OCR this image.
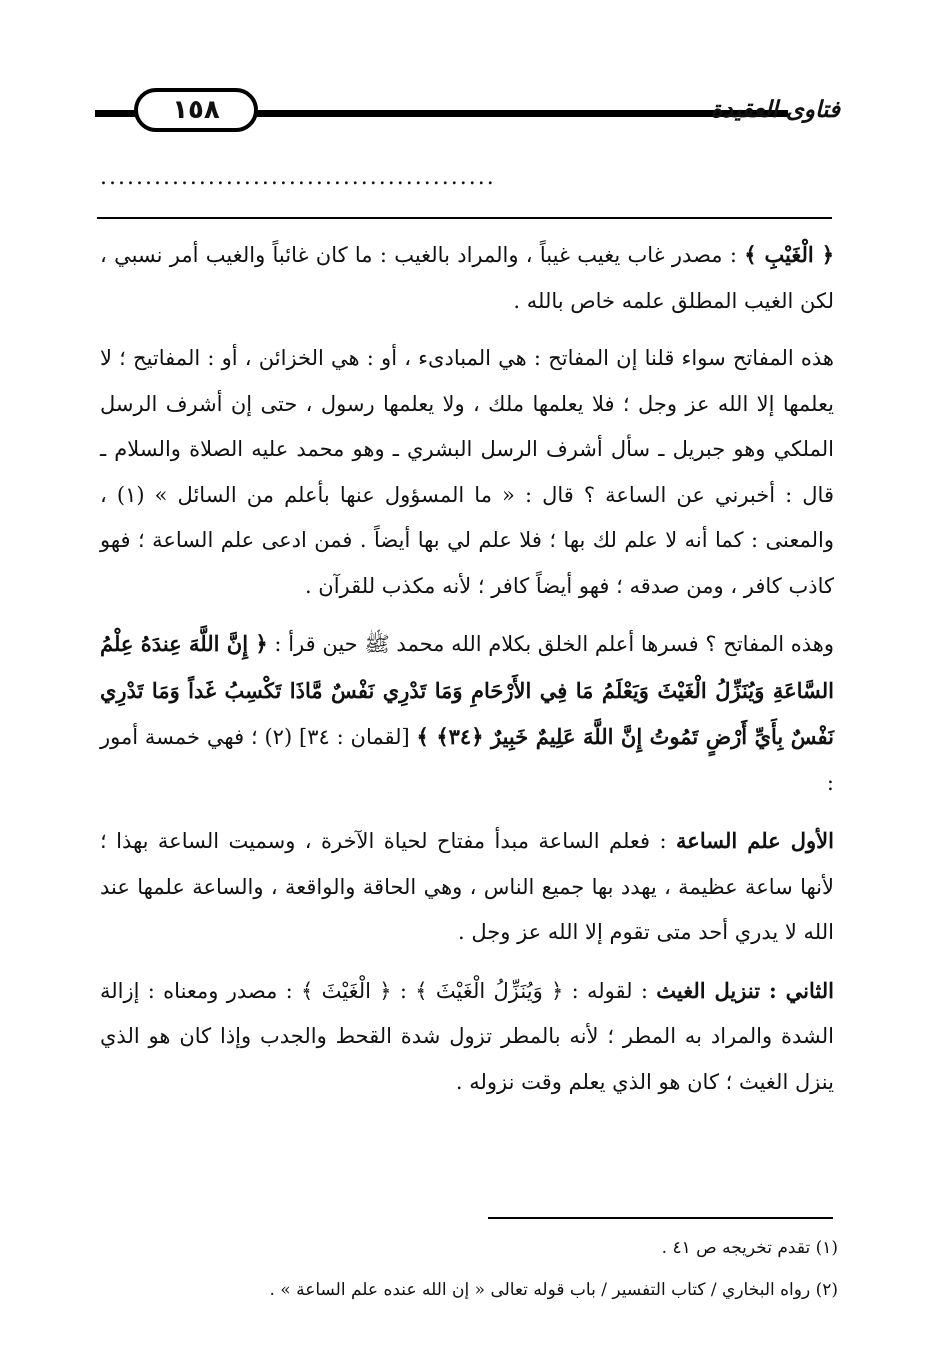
١٥٨	فتاوى العقيدة
............................................

﴿ الْغَيْبِ ﴾ : مصدر غاب يغيب غيباً ، والمراد بالغيب : ما كان غائباً والغيب أمر نسبي ، لكن الغيب المطلق علمه خاص بالله .

هذه المفاتح سواء قلنا إن المفاتح : هي المبادىء ، أو : هي الخزائن ، أو : المفاتيح ؛ لا يعلمها إلا الله عز وجل ؛ فلا يعلمها ملك ، ولا يعلمها رسول ، حتى إن أشرف الرسل الملكي وهو جبريل ـ سأل أشرف الرسل البشري ـ وهو محمد عليه الصلاة والسلام ـ قال : أخبرني عن الساعة ؟ قال : « ما المسؤول عنها بأعلم من السائل » (١) ، والمعنى : كما أنه لا علم لك بها ؛ فلا علم لي بها أيضاً . فمن ادعى علم الساعة ؛ فهو كاذب كافر ، ومن صدقه ؛ فهو أيضاً كافر ؛ لأنه مكذب للقرآن .

وهذه المفاتح ؟ فسرها أعلم الخلق بكلام الله محمد ﷺ حين قرأ : ﴿ إِنَّ اللَّهَ عِندَهُ عِلْمُ السَّاعَةِ وَيُنَزِّلُ الْغَيْثَ وَيَعْلَمُ مَا فِي الأَرْحَامِ وَمَا تَدْرِي نَفْسٌ مَّاذَا تَكْسِبُ غَداً وَمَا تَدْرِي نَفْسٌ بِأَيِّ أَرْضٍ تَمُوتُ إِنَّ اللَّهَ عَلِيمٌ خَبِيرٌ ﴿٣٤﴾ ﴾ [لقمان : ٣٤] (٢) ؛ فهي خمسة أمور :

الأول علم الساعة : فعلم الساعة مبدأ مفتاح لحياة الآخرة ، وسميت الساعة بهذا ؛ لأنها ساعة عظيمة ، يهدد بها جميع الناس ، وهي الحاقة والواقعة ، والساعة علمها عند الله لا يدري أحد متى تقوم إلا الله عز وجل .

الثاني : تنزيل الغيث : لقوله : ﴿ وَيُنَزِّلُ الْغَيْثَ ﴾ : ﴿ الْغَيْثَ ﴾ : مصدر ومعناه : إزالة الشدة والمراد به المطر ؛ لأنه بالمطر تزول شدة القحط والجدب وإذا كان هو الذي ينزل الغيث ؛ كان هو الذي يعلم وقت نزوله .

(١) تقدم تخريجه ص ٤١ .

(٢) رواه البخاري / كتاب التفسير / باب قوله تعالى « إن الله عنده علم الساعة » .
